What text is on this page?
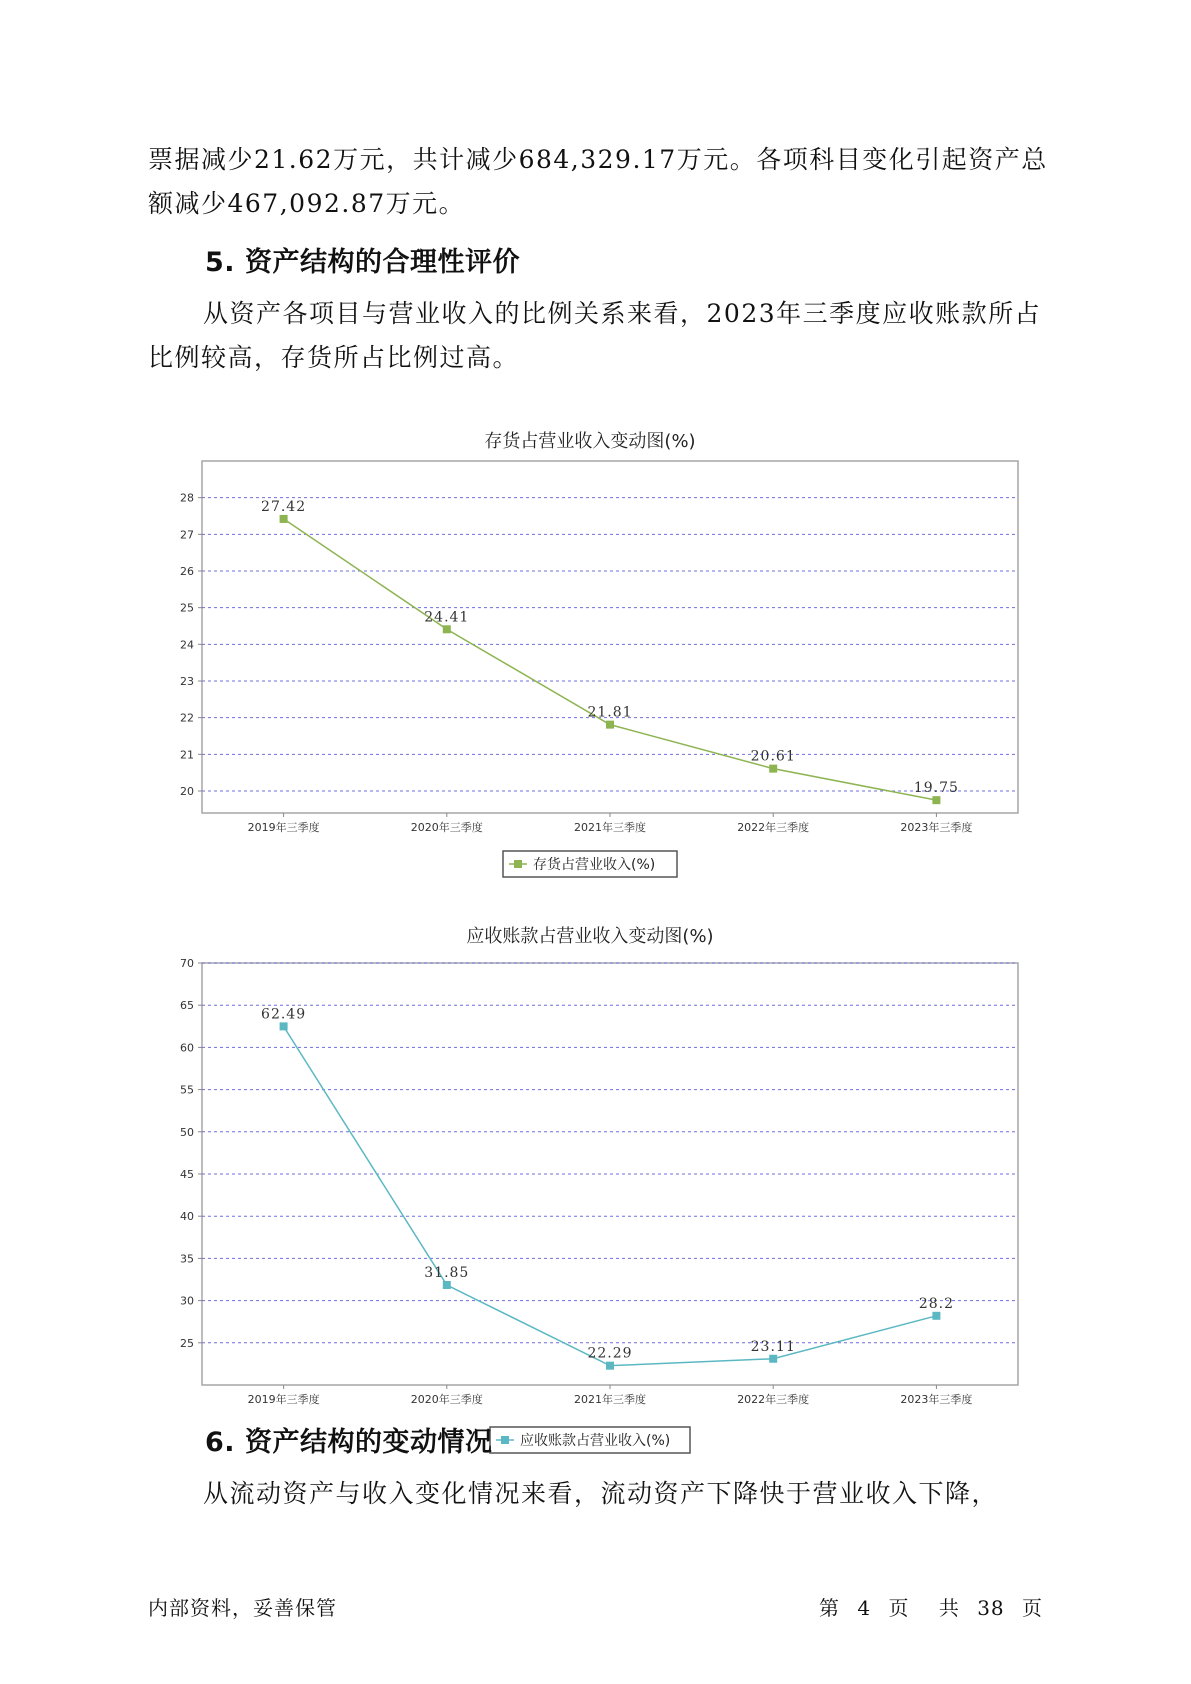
票据减少21.62万元，共计减少684,329.17万元。各项科目变化引起资产总额减少467,092.87万元。

5. 资产结构的合理性评价

从资产各项目与营业收入的比例关系来看，2023年三季度应收账款所占比例较高，存货所占比例过高。

存货占营业收入变动图(%)
20
21
22
23
24
25
26
27
28
2019年三季度	2020年三季度	2021年三季度	2022年三季度	2023年三季度
27.42
24.41
21.81
20.61
19.75
存货占营业收入(%)
25
30
35
40
45
50
55
60
65
70
2019年三季度	2020年三季度	2021年三季度	2022年三季度	2023年三季度
62.49
31.85
22.29	23.11
28.2
应收账款占营业收入(%)
应收账款占营业收入变动图(%)
6. 资产结构的变动情况

从流动资产与收入变化情况来看，流动资产下降快于营业收入下降，

内部资料，妥善保管	第 4 页 共 38 页
